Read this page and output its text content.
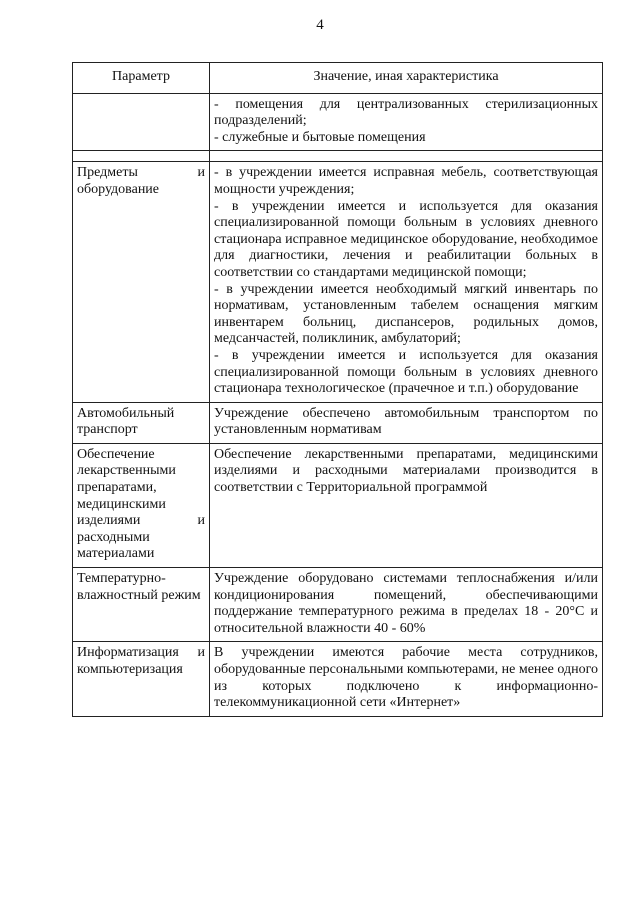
4
Параметр	Значение, иная характеристика

	- помещения для централизованных стерилизационных подразделений;
- служебные и бытовые помещения

Предметы и оборудование	- в учреждении имеется исправная мебель, соответствующая мощности учреждения;
- в учреждении имеется и используется для оказания специализированной помощи больным в условиях дневного стационара исправное медицинское оборудование, необходимое для диагностики, лечения и реабилитации больных в соответствии со стандартами медицинской помощи;
- в учреждении имеется необходимый мягкий инвентарь по нормативам, установленным табелем оснащения мягким инвентарем больниц, диспансеров, родильных домов, медсанчастей, поликлиник, амбулаторий;
- в учреждении имеется и используется для оказания специализированной помощи больным в условиях дневного стационара технологическое (прачечное и т.п.) оборудование

Автомобильный транспорт	Учреждение обеспечено автомобильным транспортом по установленным нормативам

Обеспечение лекарственными препаратами, медицинскими изделиями и расходными материалами	Обеспечение лекарственными препаратами, медицинскими изделиями и расходными материалами производится в соответствии с Территориальной программой

Температурно-влажностный режим	Учреждение оборудовано системами теплоснабжения и/или кондиционирования помещений, обеспечивающими поддержание температурного режима в пределах 18 - 20°С и относительной влажности 40 - 60%

Информатизация и компьютеризация	В учреждении имеются рабочие места сотрудников, оборудованные персональными компьютерами, не менее одного из которых подключено к информационно-телекоммуникационной сети «Интернет»
